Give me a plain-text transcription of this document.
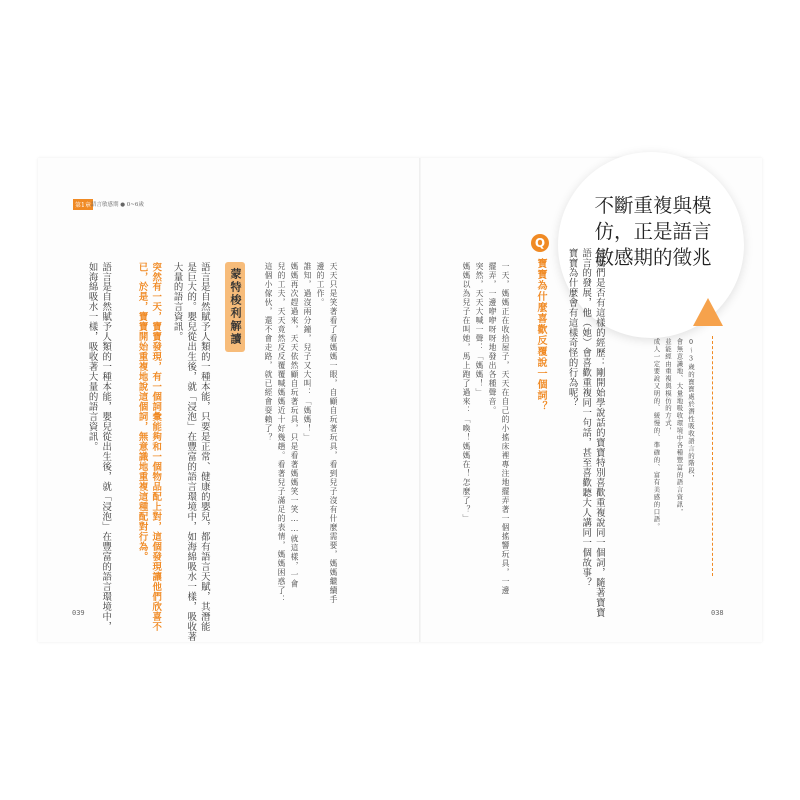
第1章 語言敏感期 ● 0~6歲	不斷重複與模仿，正是語言敏感期的徵兆
0～3歲的寶寶處於潛性吸收語言的階段，
會無意識地、大量地吸收環境中各種豐富的語言資訊，
並能經由重複與模仿的方式，
成人一定要說又明的、緩慢的、準確的、富有美感的口語。
爸媽們是否有這樣的經歷：剛開始學說話的寶寶特別喜歡重複說同一個詞，隨著寶寶
語言的發展，他（她）會喜歡重複同一句話，甚至喜歡聽大人講同一個故事？
寶寶為什麼會有這樣奇怪的行為呢？
Q
寶寶為什麼喜歡反覆說一個詞？
一天，媽媽正在收拾屋子，天天在自己的小搖床裡專注地擺弄著一個搖響玩具，一邊
擺弄，一邊咿咿呀呀地發出各種聲音。
突然，天天大喊一聲：「媽媽！」
媽媽以為兒子在叫她，馬上跑了過來：「喚！媽媽在！怎麼了？」
038
天天只是笑著看了看媽媽一眼，自顧自玩著玩具，看到兒子沒有什麼需要，媽媽繼續手
邊的工作。
誰知，過沒兩分鐘，兒子又大叫：「媽媽！」
媽媽再次趕過來，天天依然顧自玩著玩具，只是看著媽媽笑一笑……就這樣，一會
兒的工夫，天天竟然反反覆覆喊媽媽近十好幾趟。看著兒子滿足的表情，媽媽困惑了：
這個小傢伙，還不會走路，就已經會耍賴了？
蒙特梭利解讀
語言是自然賦予人類的一種本能，只要是正常、健康的嬰兒，都有語言天賦，其潛能
是巨大的。嬰兒從出生後，就「浸泡」在豐富的語言環境中，如海綿吸水一樣，吸收著
大量的語言資訊。
突然有一天，寶寶發現，有一個詞彙能夠和一個物品配上對，這個發現讓他們欣喜不
已，於是，寶寶開始重複地說這個詞，無意識地重複這種配對行為。
語言是自然賦予人類的一種本能，嬰兒從出生後，就「浸泡」在豐富的語言環境中，
如海綿吸水一樣，吸收著大量的語言資訊。
039
